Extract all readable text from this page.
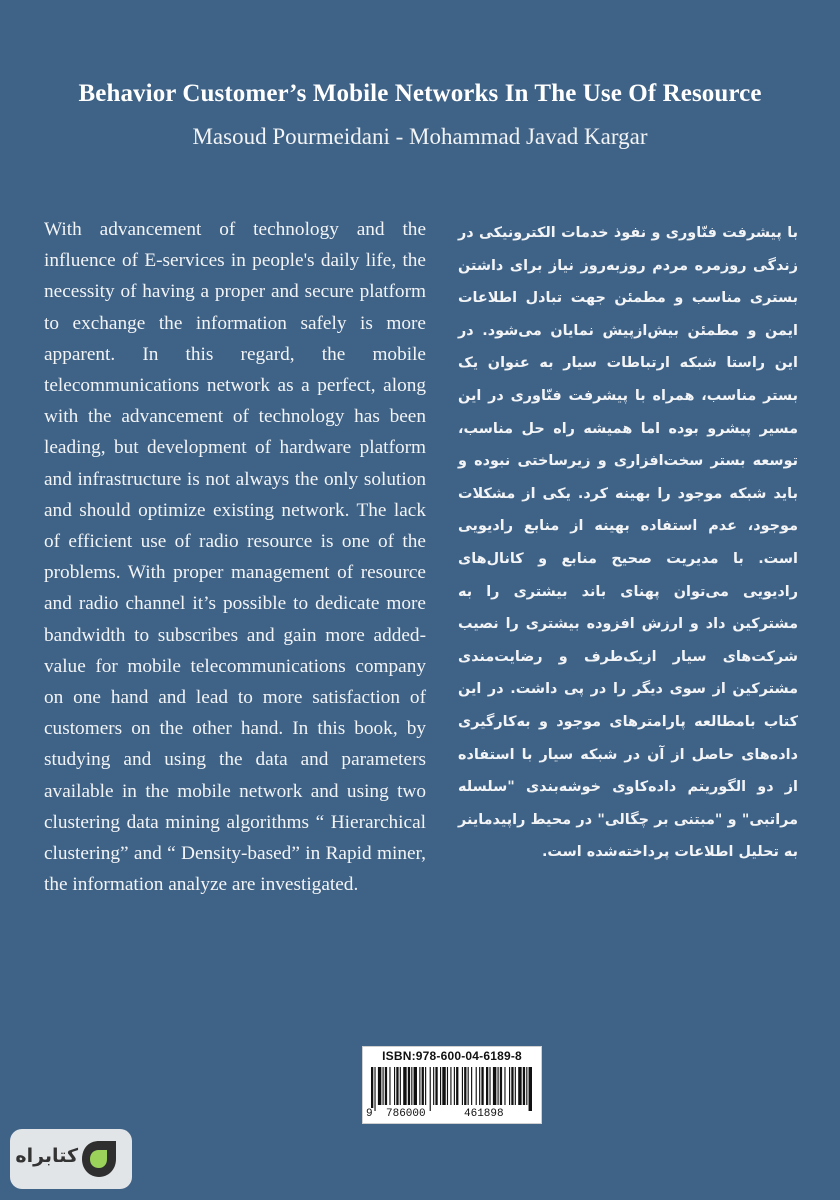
Behavior Customer’s Mobile Networks In The Use Of Resource
Masoud Pourmeidani - Mohammad Javad Kargar

With advancement of technology and the influence of E-services in people's daily life, the necessity of having a proper and secure platform to exchange the information safely is more apparent. In this regard, the mobile telecommunications network as a perfect, along with the advancement of technology has been leading, but development of hardware platform and infrastructure is not always the only solution and should optimize existing network. The lack of efficient use of radio resource is one of the problems. With proper management of resource and radio channel it’s possible to dedicate more bandwidth to subscribes and gain more added-value for mobile telecommunications company on one hand and lead to more satisfaction of customers on the other hand. In this book, by studying and using the data and parameters available in the mobile network and using two clustering data mining algorithms “ Hierarchical clustering” and “ Density-based” in Rapid miner, the information analyze are investigated.

با پیشرفت فنّاوری و نفوذ خدمات الکترونیکی در زندگی روزمره مردم روزبه‌روز نیاز برای داشتن بستری مناسب و مطمئن جهت تبادل اطلاعات ایمن و مطمئن بیش‌ازپیش نمایان می‌شود. در این راستا شبکه ارتباطات سیار به عنوان یک بستر مناسب، همراه با پیشرفت فنّاوری در این مسیر پیشرو بوده اما همیشه راه حل مناسب، توسعه بستر سخت‌افزاری و زیرساختی نبوده و باید شبکه موجود را بهینه کرد. یکی از مشکلات موجود، عدم استفاده بهینه از منابع رادیویی است. با مدیریت صحیح منابع و کانال‌های رادیویی می‌توان پهنای باند بیشتری را به مشترکین داد و ارزش افزوده بیشتری را نصیب شرکت‌های سیار ازیک‌طرف و رضایت‌مندی مشترکین از سوی دیگر را در پی داشت. در این کتاب بامطالعه پارامترهای موجود و به‌کارگیری داده‌های حاصل از آن در شبکه سیار با استفاده از دو الگوریتم داده‌کاوی خوشه‌بندی "سلسله مراتبی" و "مبتنی بر چگالی" در محیط راپیدماینر به تحلیل اطلاعات پرداخته‌شده است.

ISBN:978-600-04-6189-8
9 786000	461898
کتابراه
